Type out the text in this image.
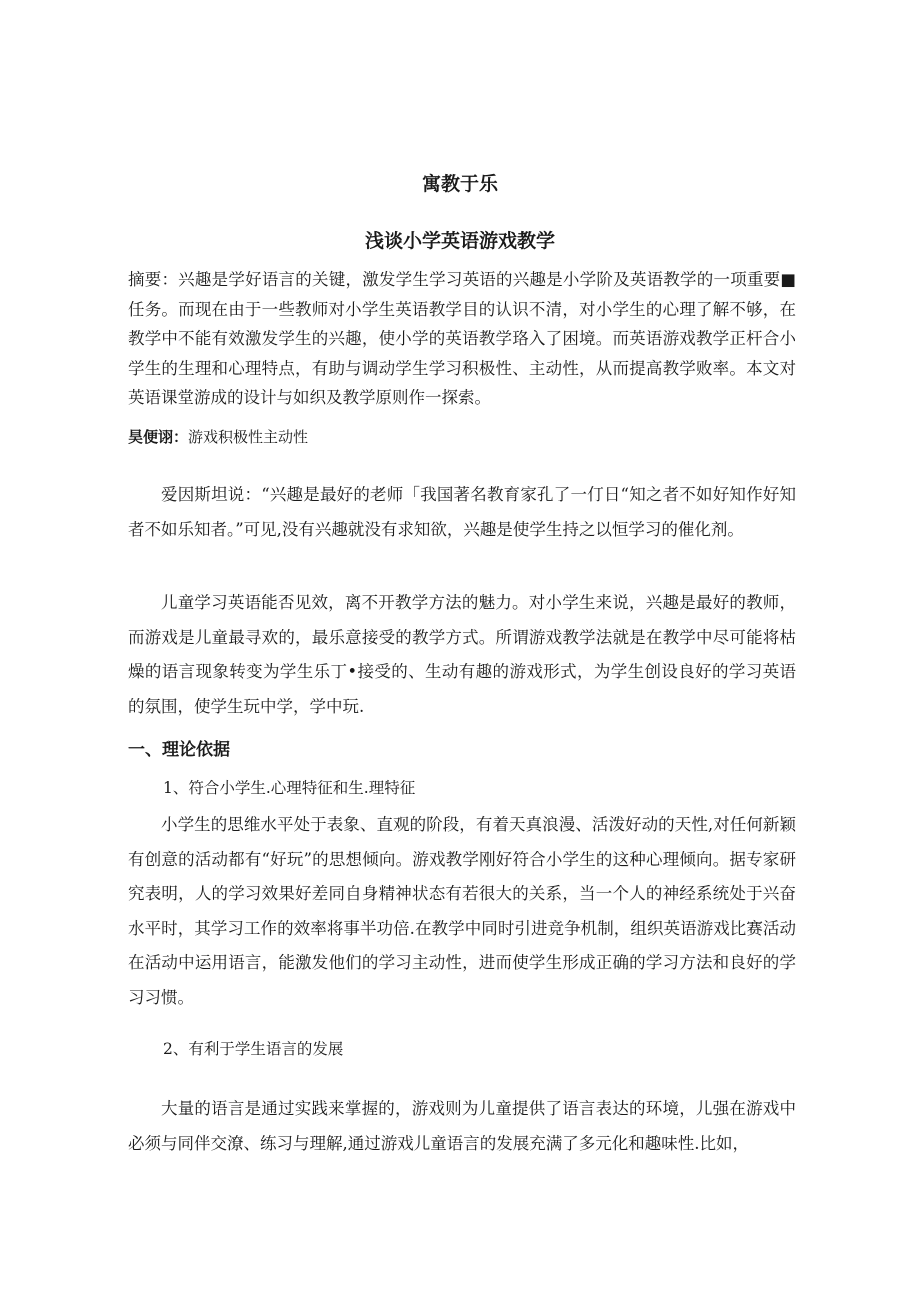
寓教于乐
浅谈小学英语游戏教学
摘要：兴趣是学好语言的关键，激发学生学习英语的兴趣是小学阶及英语教学的一项重要■任务。而现在由于一些教师对小学生英语教学目的认识不清，对小学生的心理了解不够，在教学中不能有效激发学生的兴趣，使小学的英语教学珞入了困境。而英语游戏教学正杆合小学生的生理和心理特点，有助与调动学生学习积极性、主动性，从而提高教学败率。本文对英语课堂游成的设计与如织及教学原则作一探索。
昊便诩：游戏积极性主动性
爱因斯坦说：“兴趣是最好的老师「我国著名教育家孔了一仃日“知之者不如好知作好知者不如乐知者。”可见,没有兴趣就没有求知欲，兴趣是使学生持之以恒学习的催化剂。
儿童学习英语能否见效，离不开教学方法的魅力。对小学生来说，兴趣是最好的教师，而游戏是儿童最寻欢的，最乐意接受的教学方式。所谓游戏教学法就是在教学中尽可能将枯燥的语言现象转变为学生乐丁•接受的、生动有趣的游戏形式，为学生创设良好的学习英语的氛围，使学生玩中学，学中玩.
一、理论依据
1、符合小学生.心理特征和生.理特征
小学生的思维水平处于表象、直观的阶段，有着天真浪漫、活泼好动的天性,对任何新颖有创意的活动都有“好玩”的思想倾向。游戏教学刚好符合小学生的这种心理倾向。据专家研究表明，人的学习效果好差同自身精神状态有若很大的关系，当一个人的神经系统处于兴奋水平时，其学习工作的效率将事半功倍.在教学中同时引进竞争机制，组织英语游戏比赛活动在活动中运用语言，能激发他们的学习主动性，进而使学生形成正确的学习方法和良好的学习习惯。
2、有利于学生语言的发展
大量的语言是通过实践来掌握的，游戏则为儿童提供了语言表达的环境，儿强在游戏中必须与同伴交潦、练习与理解,通过游戏儿童语言的发展充满了多元化和趣味性.比如，
